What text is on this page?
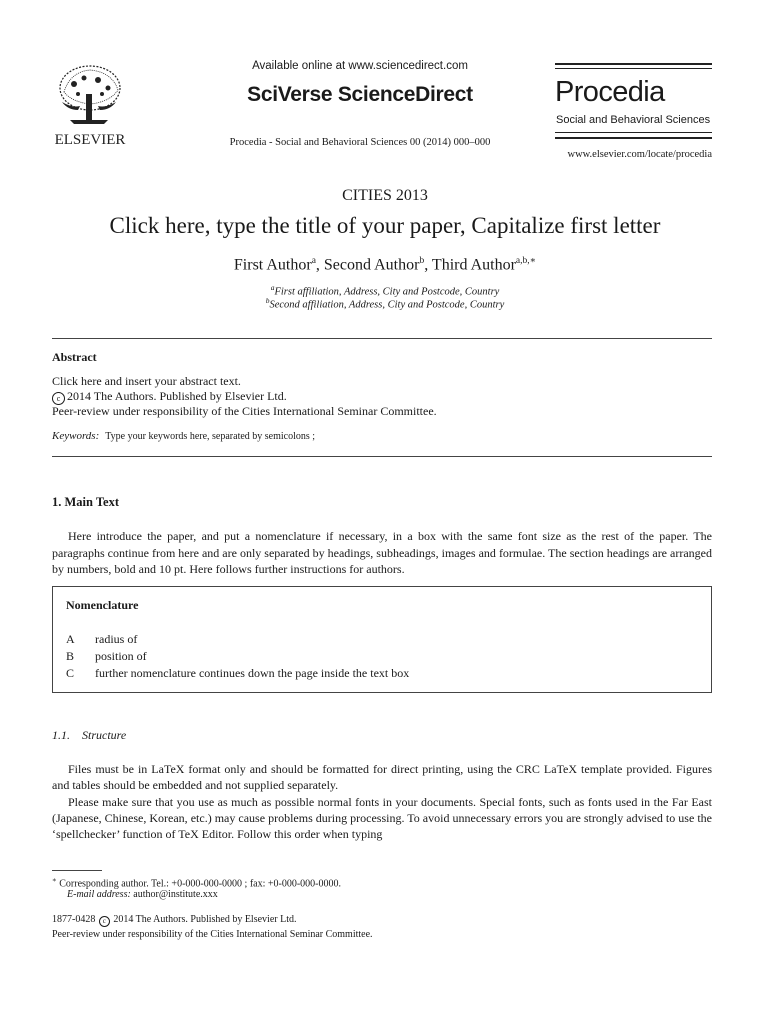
ELSEVIER
Available online at www.sciencedirect.com
SciVerse ScienceDirect
Procedia - Social and Behavioral Sciences 00 (2014) 000–000
Procedia
Social and Behavioral Sciences
www.elsevier.com/locate/procedia
CITIES 2013
Click here, type the title of your paper, Capitalize first letter
First Author$^a$, Second Author$^b$, Third Author$^{a,b,∗}$
$^a$First affiliation, Address, City and Postcode, Country
$^b$Second affiliation, Address, City and Postcode, Country
Abstract
Click here and insert your abstract text.
c 2014 The Authors. Published by Elsevier Ltd.
Peer-review under responsibility of the Cities International Seminar Committee.
Keywords: Type your keywords here, separated by semicolons ;
1. Main Text
Here introduce the paper, and put a nomenclature if necessary, in a box with the same font size as the rest of the paper. The paragraphs continue from here and are only separated by headings, subheadings, images and formulae. The section headings are arranged by numbers, bold and 10 pt. Here follows further instructions for authors.
Nomenclature
A radius of
B position of
C further nomenclature continues down the page inside the text box
1.1. Structure
Files must be in LaTeX format only and should be formatted for direct printing, using the CRC LaTeX template provided. Figures and tables should be embedded and not supplied separately.
Please make sure that you use as much as possible normal fonts in your documents. Special fonts, such as fonts used in the Far East (Japanese, Chinese, Korean, etc.) may cause problems during processing. To avoid unnecessary errors you are strongly advised to use the ‘spellchecker’ function of TeX Editor. Follow this order when typing
∗ Corresponding author. Tel.: +0-000-000-0000 ; fax: +0-000-000-0000.
E-mail address: author@institute.xxx
1877-0428 c 2014 The Authors. Published by Elsevier Ltd.
Peer-review under responsibility of the Cities International Seminar Committee.
